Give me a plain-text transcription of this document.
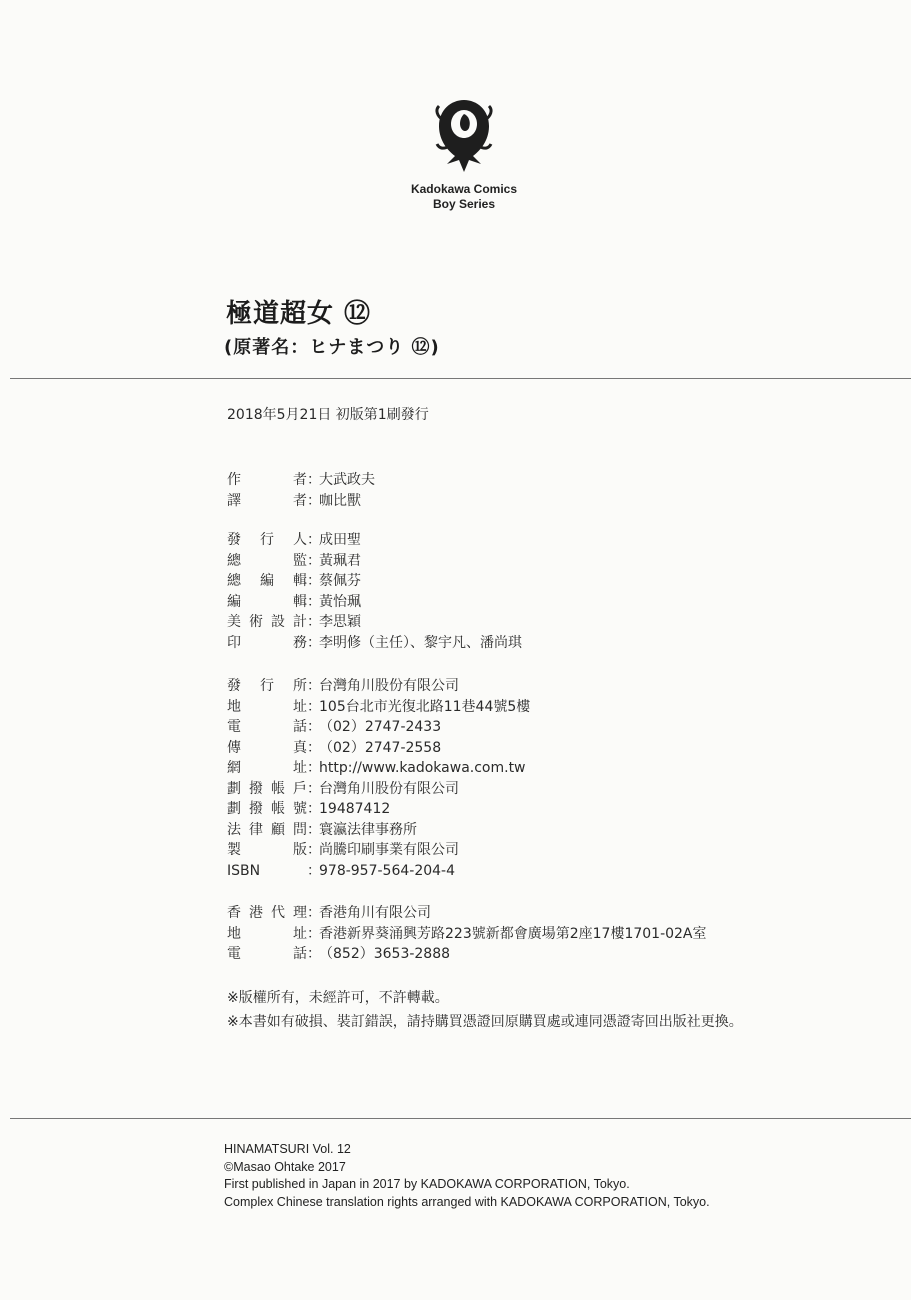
Kadokawa Comics
Boy Series
極道超女 ⑫
(原著名：ヒナまつり ⑫)
2018年5月21日 初版第1刷發行
作者 ：
大武政夫
譯者 ：
咖比獸
發行人 ：
成田聖
總監 ：
黃珮君
總編輯 ：
蔡佩芬
編輯 ：
黃怡珮
美術設計 ：
李思穎
印務 ：
李明修（主任）、黎宇凡、潘尚琪
發行所 ：
台灣角川股份有限公司
地址 ：
105台北市光復北路11巷44號5樓
電話 ：
（02）2747-2433
傳真 ：
（02）2747-2558
網址 ：
http://www.kadokawa.com.tw
劃撥帳戶 ：
台灣角川股份有限公司
劃撥帳號 ：
19487412
法律顧問 ：
寰瀛法律事務所
製版 ：
尚騰印刷事業有限公司
ISBN	：
978-957-564-204-4
香港代理 ：
香港角川有限公司
地址 ：
香港新界葵涌興芳路223號新都會廣場第2座17樓1701-02A室
電話 ：
（852）3653-2888
※版權所有，未經許可，不許轉載。
※本書如有破損、裝訂錯誤，請持購買憑證回原購買處或連同憑證寄回出版社更換。
HINAMATSURI Vol. 12
©Masao Ohtake 2017
First published in Japan in 2017 by KADOKAWA CORPORATION, Tokyo.
Complex Chinese translation rights arranged with KADOKAWA CORPORATION, Tokyo.
